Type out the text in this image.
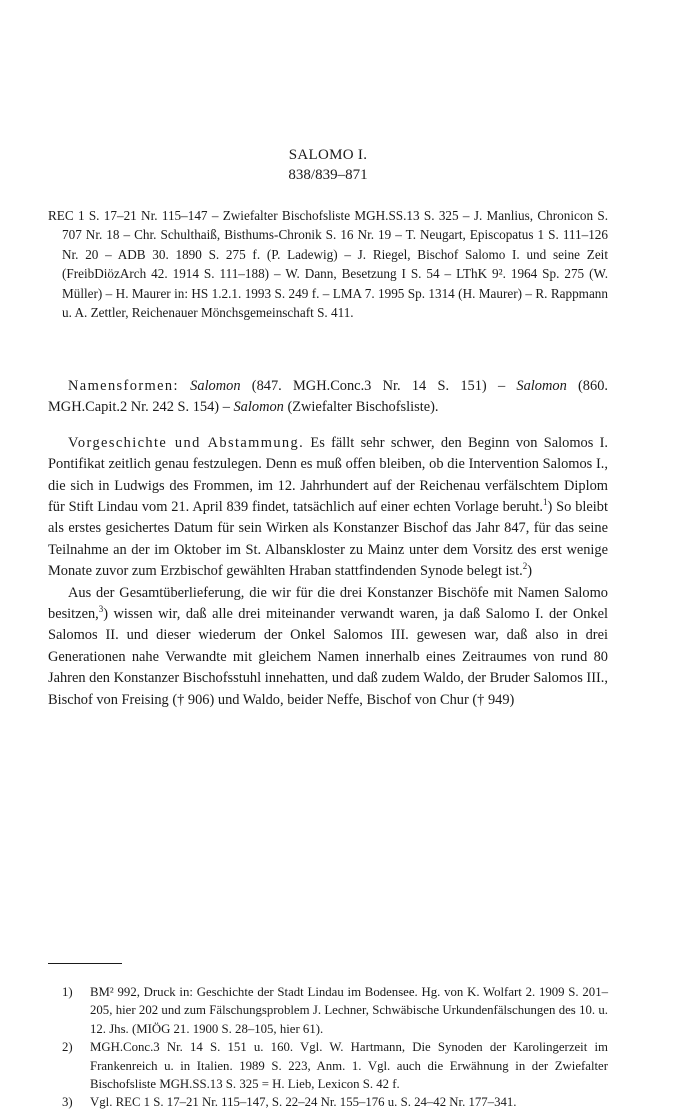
SALOMO I.
838/839–871
REC 1 S. 17–21 Nr. 115–147 – Zwiefalter Bischofsliste MGH.SS.13 S. 325 – J. Manlius, Chronicon S. 707 Nr. 18 – Chr. Schulthaiß, Bisthums-Chronik S. 16 Nr. 19 – T. Neugart, Episcopatus 1 S. 111–126 Nr. 20 – ADB 30. 1890 S. 275 f. (P. Ladewig) – J. Riegel, Bischof Salomo I. und seine Zeit (FreibDiözArch 42. 1914 S. 111–188) – W. Dann, Besetzung I S. 54 – LThK 9². 1964 Sp. 275 (W. Müller) – H. Maurer in: HS 1.2.1. 1993 S. 249 f. – LMA 7. 1995 Sp. 1314 (H. Maurer) – R. Rappmann u. A. Zettler, Reichenauer Mönchsgemeinschaft S. 411.

Namensformen: Salomon (847. MGH.Conc.3 Nr. 14 S. 151) – Salomon (860. MGH.Capit.2 Nr. 242 S. 154) – Salomon (Zwiefalter Bischofsliste).

Vorgeschichte und Abstammung. Es fällt sehr schwer, den Beginn von Salomos I. Pontifikat zeitlich genau festzulegen. Denn es muß offen bleiben, ob die Intervention Salomos I., die sich in Ludwigs des Frommen, im 12. Jahrhundert auf der Reichenau verfälschtem Diplom für Stift Lindau vom 21. April 839 findet, tatsächlich auf einer echten Vorlage beruht.$^1$) So bleibt als erstes gesichertes Datum für sein Wirken als Konstanzer Bischof das Jahr 847, für das seine Teilnahme an der im Oktober im St. Albanskloster zu Mainz unter dem Vorsitz des erst wenige Monate zuvor zum Erzbischof gewählten Hraban stattfindenden Synode belegt ist.$^2$)

Aus der Gesamtüberlieferung, die wir für die drei Konstanzer Bischöfe mit Namen Salomo besitzen,$^3$) wissen wir, daß alle drei miteinander verwandt waren, ja daß Salomo I. der Onkel Salomos II. und dieser wiederum der Onkel Salomos III. gewesen war, daß also in drei Generationen nahe Verwandte mit gleichem Namen innerhalb eines Zeitraumes von rund 80 Jahren den Konstanzer Bischofsstuhl innehatten, und daß zudem Waldo, der Bruder Salomos III., Bischof von Freising († 906) und Waldo, beider Neffe, Bischof von Chur († 949)

1) BM² 992, Druck in: Geschichte der Stadt Lindau im Bodensee. Hg. von K. Wolfart 2. 1909 S. 201–205, hier 202 und zum Fälschungsproblem J. Lechner, Schwäbische Urkundenfälschungen des 10. u. 12. Jhs. (MIÖG 21. 1900 S. 28–105, hier 61).

2) MGH.Conc.3 Nr. 14 S. 151 u. 160. Vgl. W. Hartmann, Die Synoden der Karolingerzeit im Frankenreich u. in Italien. 1989 S. 223, Anm. 1. Vgl. auch die Erwähnung in der Zwiefalter Bischofsliste MGH.SS.13 S. 325 = H. Lieb, Lexicon S. 42 f.

3) Vgl. REC 1 S. 17–21 Nr. 115–147, S. 22–24 Nr. 155–176 u. S. 24–42 Nr. 177–341.
